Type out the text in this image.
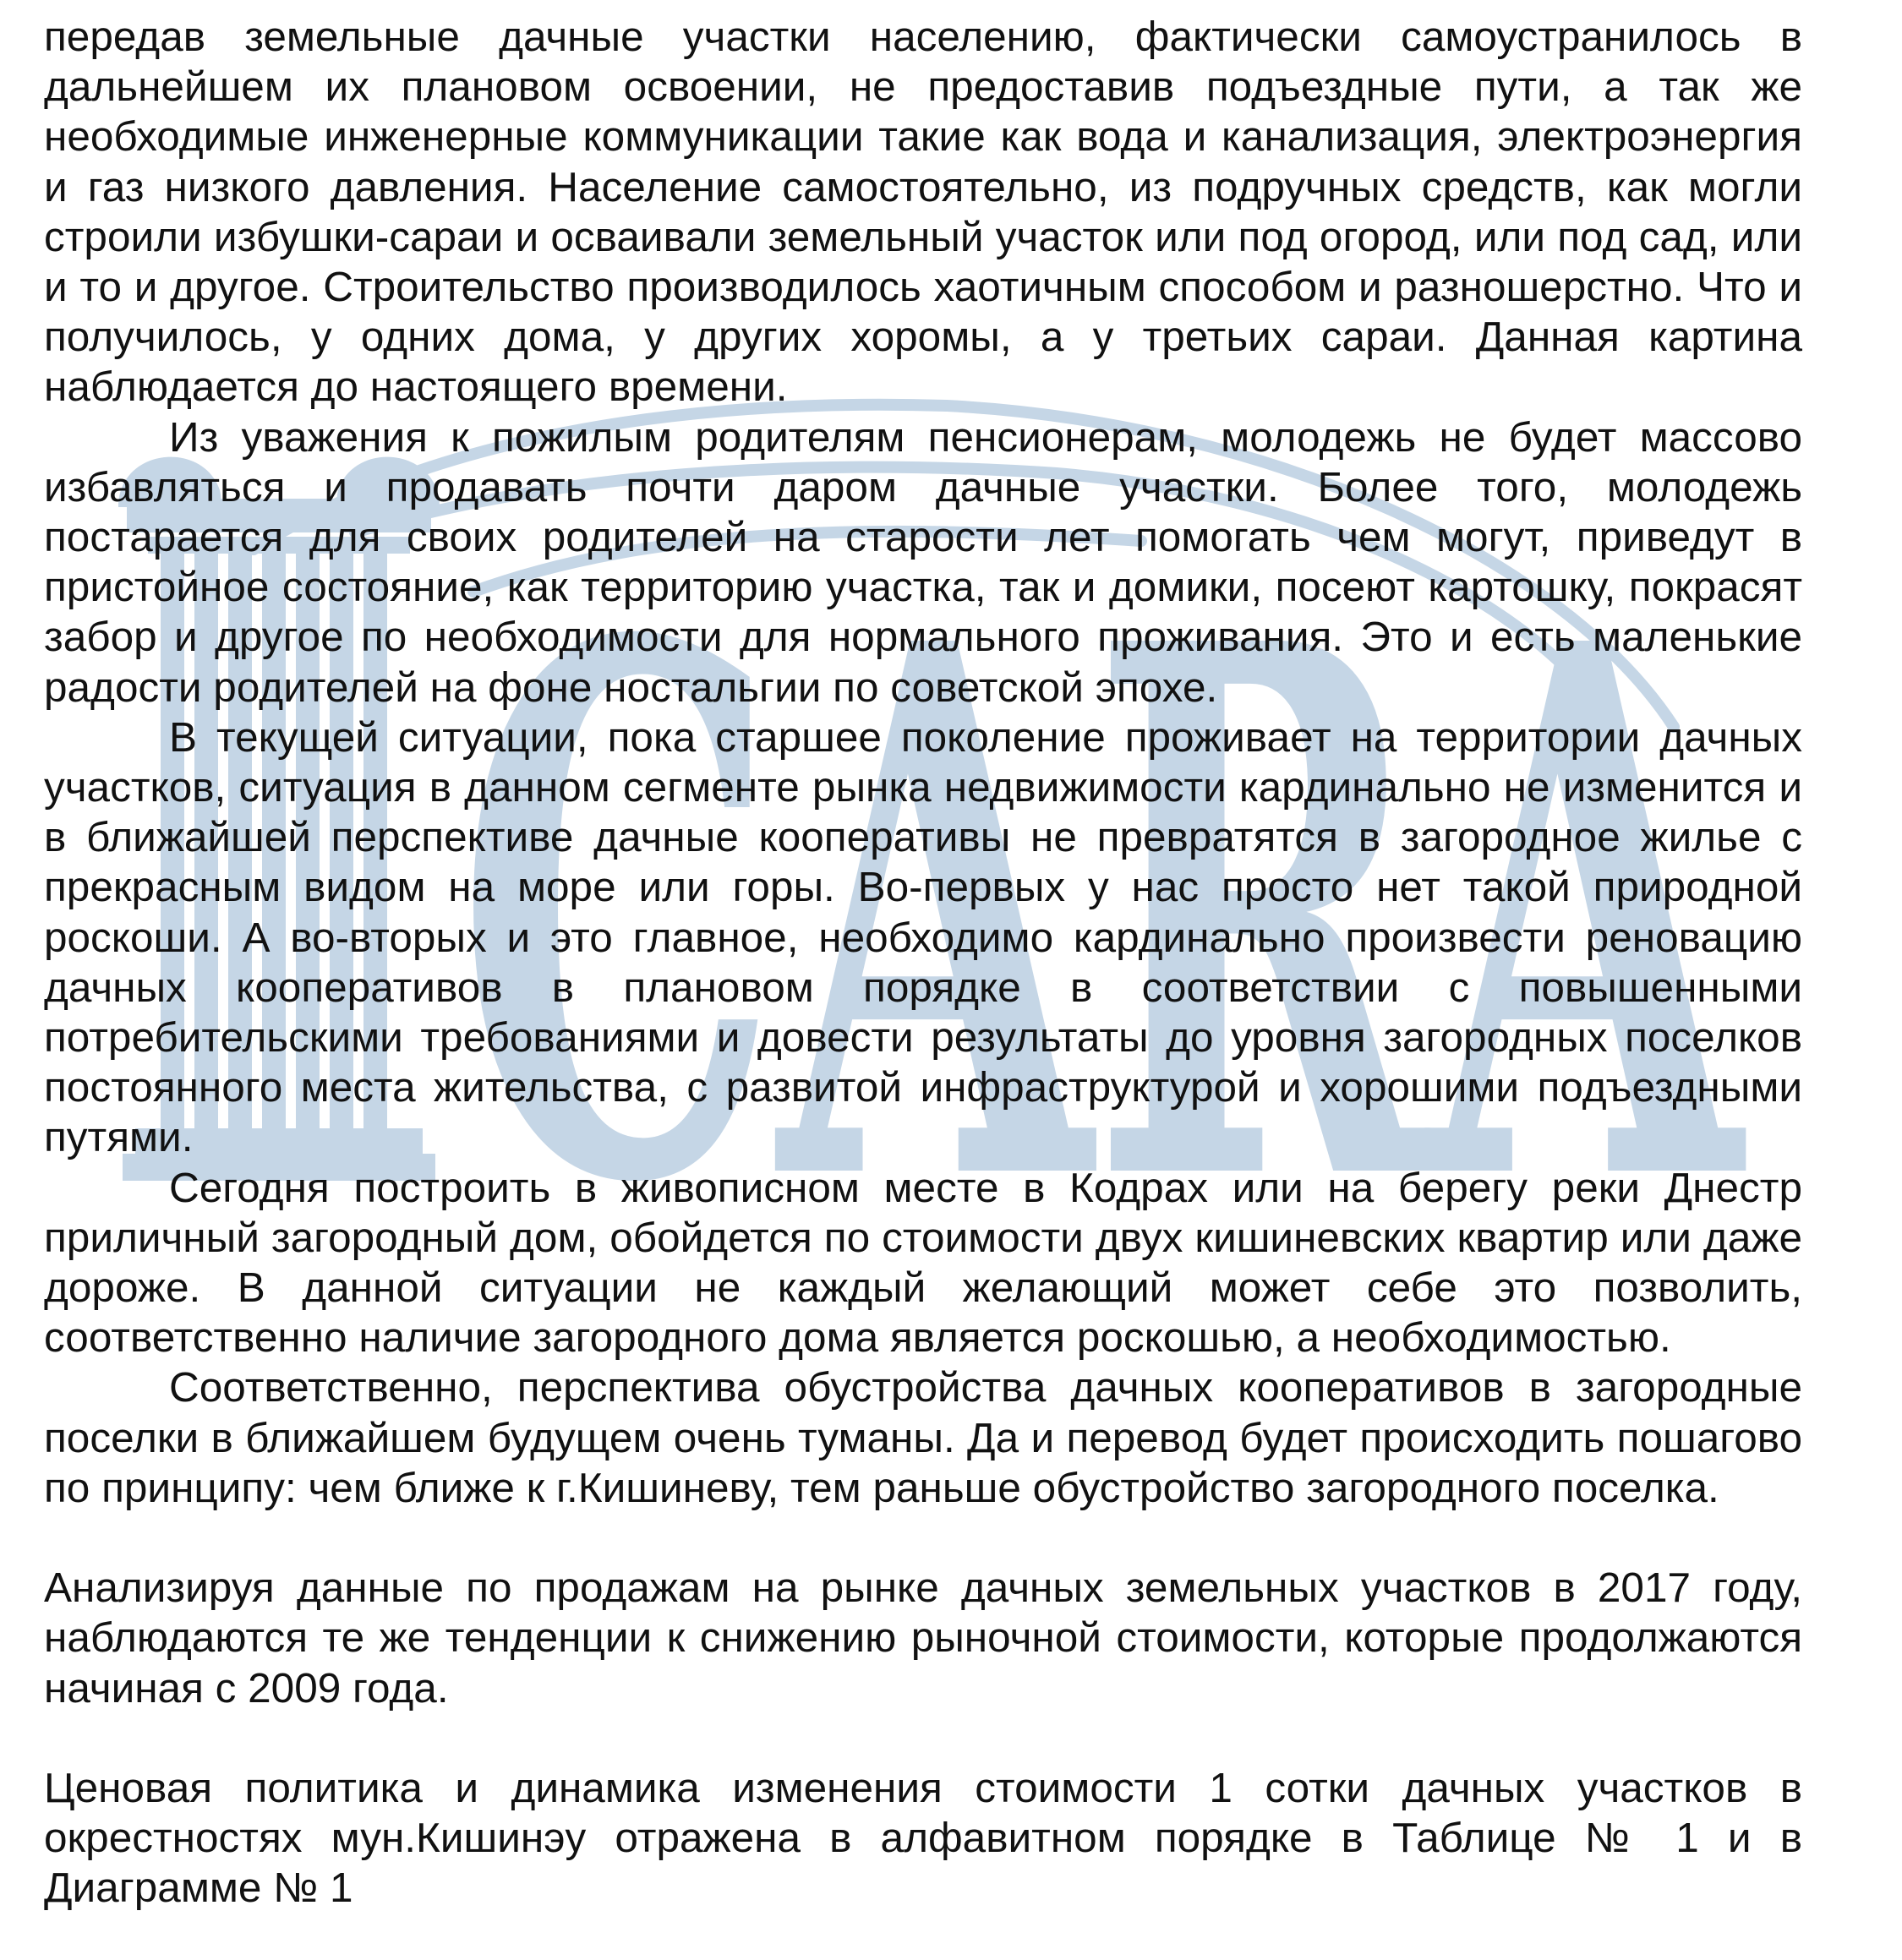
CARA

передав земельные дачные участки населению, фактически самоустранилось в дальнейшем их плановом освоении, не предоставив подъездные пути, а так же необходимые инженерные коммуникации такие как вода и канализация, электроэнергия и газ низкого давления. Население самостоятельно, из подручных средств, как могли строили избушки-сараи и осваивали земельный участок или под огород, или под сад, или и то и другое. Строительство производилось хаотичным способом и разношерстно. Что и получилось, у одних дома, у других хоромы, а у третьих сараи. Данная картина наблюдается до настоящего времени.

Из уважения к пожилым родителям пенсионерам, молодежь не будет массово избавляться и продавать почти даром дачные участки. Более того, молодежь постарается для своих родителей на старости лет помогать чем могут, приведут в пристойное состояние, как территорию участка, так и домики, посеют картошку, покрасят забор и другое по необходимости для нормального проживания. Это и есть маленькие радости родителей на фоне ностальгии по советской эпохе.

В текущей ситуации, пока старшее поколение проживает на территории дачных участков, ситуация в данном сегменте рынка недвижимости кардинально не изменится и в ближайшей перспективе дачные кооперативы не превратятся в загородное жилье с прекрасным видом на море или горы. Во-первых у нас просто нет такой природной роскоши. А во-вторых и это главное, необходимо кардинально произвести реновацию дачных кооперативов в плановом порядке в соответствии с повышенными потребительскими требованиями и довести результаты до уровня загородных поселков постоянного места жительства, с развитой инфраструктурой и хорошими подъездными путями.

Сегодня построить в живописном месте в Кодрах или на берегу реки Днестр приличный загородный дом, обойдется по стоимости двух кишиневских квартир или даже дороже. В данной ситуации не каждый желающий может себе это позволить, соответственно наличие загородного дома является роскошью, а необходимостью.

Соответственно, перспектива обустройства дачных кооперативов в загородные поселки в ближайшем будущем очень туманы. Да и перевод будет происходить пошагово по принципу: чем ближе к г.Кишиневу, тем раньше обустройство загородного поселка.

Анализируя данные по продажам на рынке дачных земельных участков в 2017 году, наблюдаются те же тенденции к снижению рыночной стоимости, которые продолжаются начиная с 2009 года.

Ценовая политика и динамика изменения стоимости 1 сотки дачных участков в окрестностях мун.Кишинэу отражена в алфавитном порядке в Таблице № 1 и в Диаграмме № 1
